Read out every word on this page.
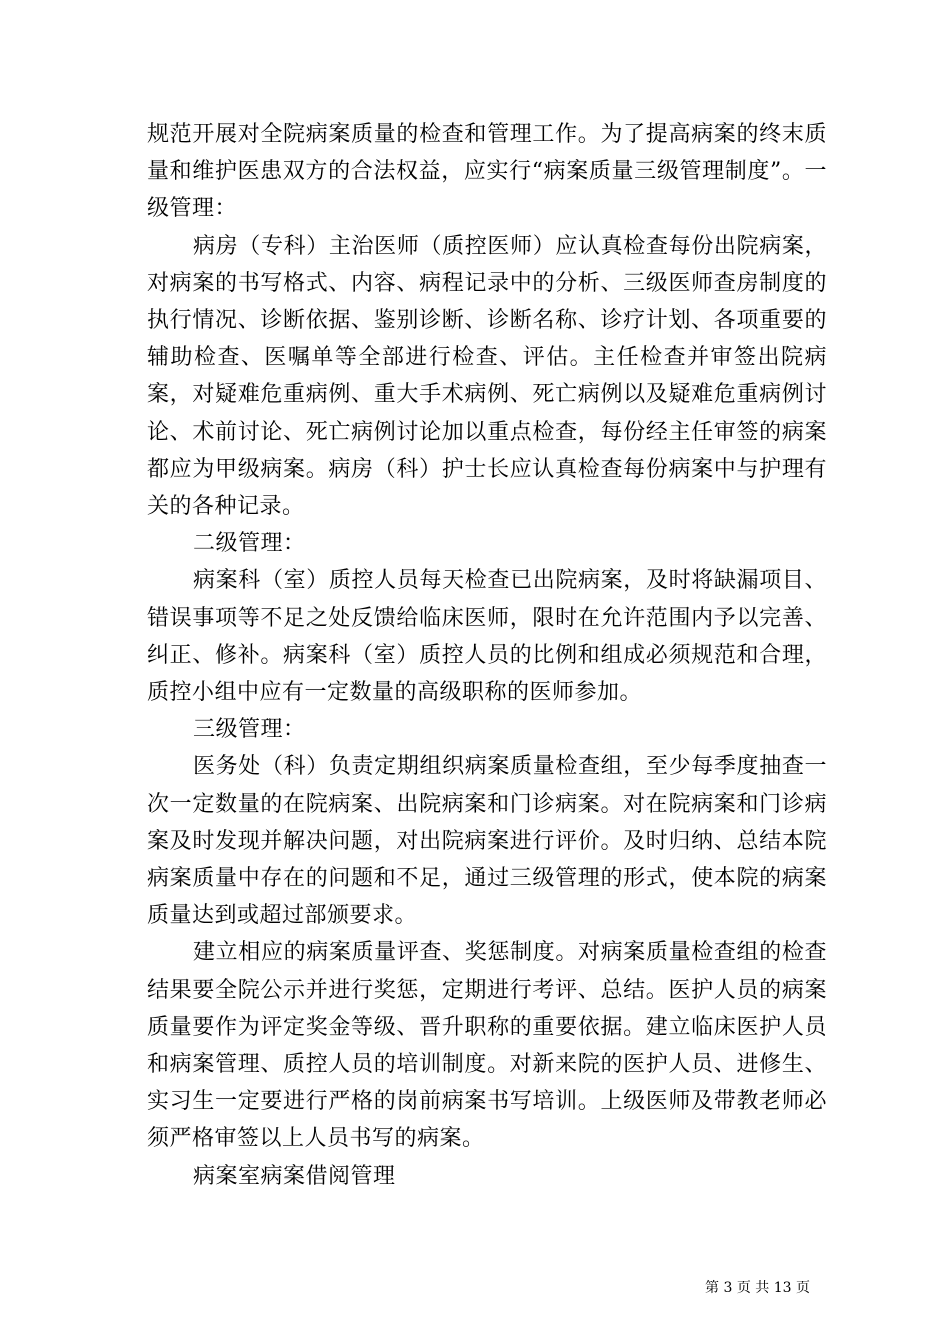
规范开展对全院病案质量的检查和管理工作。为了提高病案的终末质量和维护医患双方的合法权益，应实行“病案质量三级管理制度”。一级管理：

病房（专科）主治医师（质控医师）应认真检查每份出院病案，对病案的书写格式、内容、病程记录中的分析、三级医师查房制度的执行情况、诊断依据、鉴别诊断、诊断名称、诊疗计划、各项重要的辅助检查、医嘱单等全部进行检查、评估。主任检查并审签出院病案，对疑难危重病例、重大手术病例、死亡病例以及疑难危重病例讨论、术前讨论、死亡病例讨论加以重点检查，每份经主任审签的病案都应为甲级病案。病房（科）护士长应认真检查每份病案中与护理有关的各种记录。

二级管理：

病案科（室）质控人员每天检查已出院病案，及时将缺漏项目、错误事项等不足之处反馈给临床医师，限时在允许范围内予以完善、纠正、修补。病案科（室）质控人员的比例和组成必须规范和合理，质控小组中应有一定数量的高级职称的医师参加。

三级管理：

医务处（科）负责定期组织病案质量检查组，至少每季度抽查一次一定数量的在院病案、出院病案和门诊病案。对在院病案和门诊病案及时发现并解决问题，对出院病案进行评价。及时归纳、总结本院病案质量中存在的问题和不足，通过三级管理的形式，使本院的病案质量达到或超过部颁要求。

建立相应的病案质量评查、奖惩制度。对病案质量检查组的检查结果要全院公示并进行奖惩，定期进行考评、总结。医护人员的病案质量要作为评定奖金等级、晋升职称的重要依据。建立临床医护人员和病案管理、质控人员的培训制度。对新来院的医护人员、进修生、实习生一定要进行严格的岗前病案书写培训。上级医师及带教老师必须严格审签以上人员书写的病案。

病案室病案借阅管理

第 3 页 共 13 页
